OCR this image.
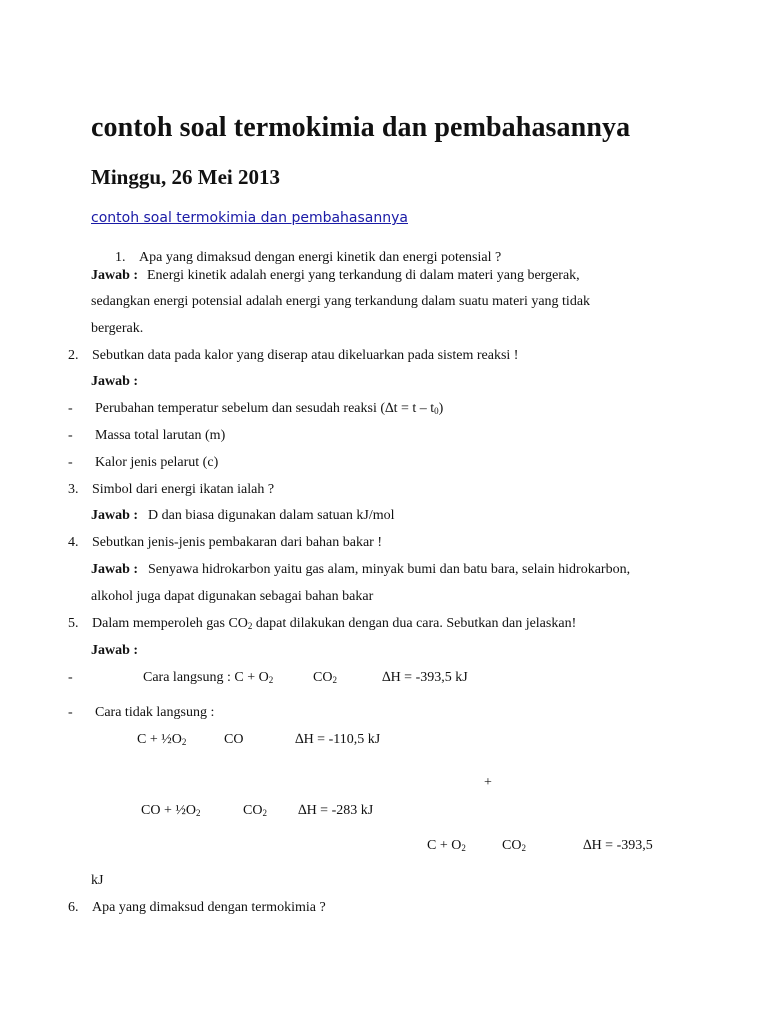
contoh soal termokimia dan pembahasannya
Minggu, 26 Mei 2013
contoh soal termokimia dan pembahasannya
1. Apa yang dimaksud dengan energi kinetik dan energi potensial ?
Jawab : Energi kinetik adalah energi yang terkandung di dalam materi yang bergerak,
sedangkan energi potensial adalah energi yang terkandung dalam suatu materi yang tidak
bergerak.
2. Sebutkan data pada kalor yang diserap atau dikeluarkan pada sistem reaksi !
Jawab :
- Perubahan temperatur sebelum dan sesudah reaksi $(\Delta t = t - t_0)$
- Massa total larutan (m)
- Kalor jenis pelarut (c)
3. Simbol dari energi ikatan ialah ?
Jawab : D dan biasa digunakan dalam satuan kJ/mol
4. Sebutkan jenis-jenis pembakaran dari bahan bakar !
Jawab : Senyawa hidrokarbon yaitu gas alam, minyak bumi dan batu bara, selain hidrokarbon,
alkohol juga dapat digunakan sebagai bahan bakar
5. Dalam memperoleh gas $CO_2$ dapat dilakukan dengan dua cara. Sebutkan dan jelaskan!
Jawab :
-	Cara langsung : $C + O_2$	$CO_2$	∆H = -393,5 kJ
- Cara tidak langsung :
$C + \frac{1}{2}O_2$	CO	∆H = -110,5 kJ
+
CO + $\frac{1}{2}O_2$	$CO_2$ ∆H = -283 kJ
$C + O_2$	$CO_2$	∆H = -393,5
kJ
6. Apa yang dimaksud dengan termokimia ?
